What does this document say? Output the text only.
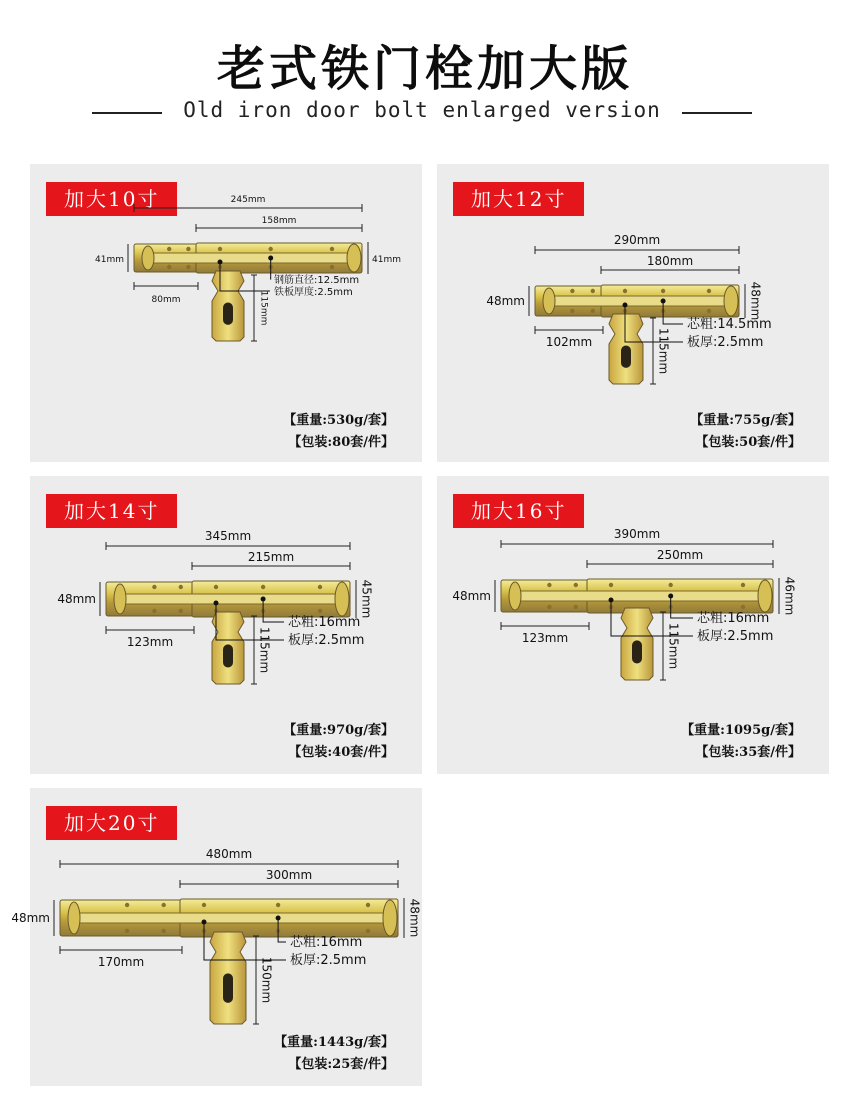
老式铁门栓加大版
Old iron door bolt enlarged version
加大10寸	245mm
158mm
80mm	115mm
41mm	41mm
钢筋直径:12.5mm
铁板厚度:2.5mm
【重量:530g/套】
【包装:80套/件】
加大12寸
290mm
180mm
102mm	115mm
48mm	48mm
芯粗:14.5mm
板厚:2.5mm
【重量:755g/套】
【包装:50套/件】
加大14寸
345mm
215mm
123mm	115mm
48mm	45mm
芯粗:16mm
板厚:2.5mm
【重量:970g/套】
【包装:40套/件】
加大16寸
390mm
250mm
123mm	115mm
48mm	46mm
芯粗:16mm
板厚:2.5mm
【重量:1095g/套】
【包装:35套/件】
加大20寸
480mm
300mm
170mm	150mm
48mm	48mm
芯粗:16mm
板厚:2.5mm
【重量:1443g/套】
【包装:25套/件】
